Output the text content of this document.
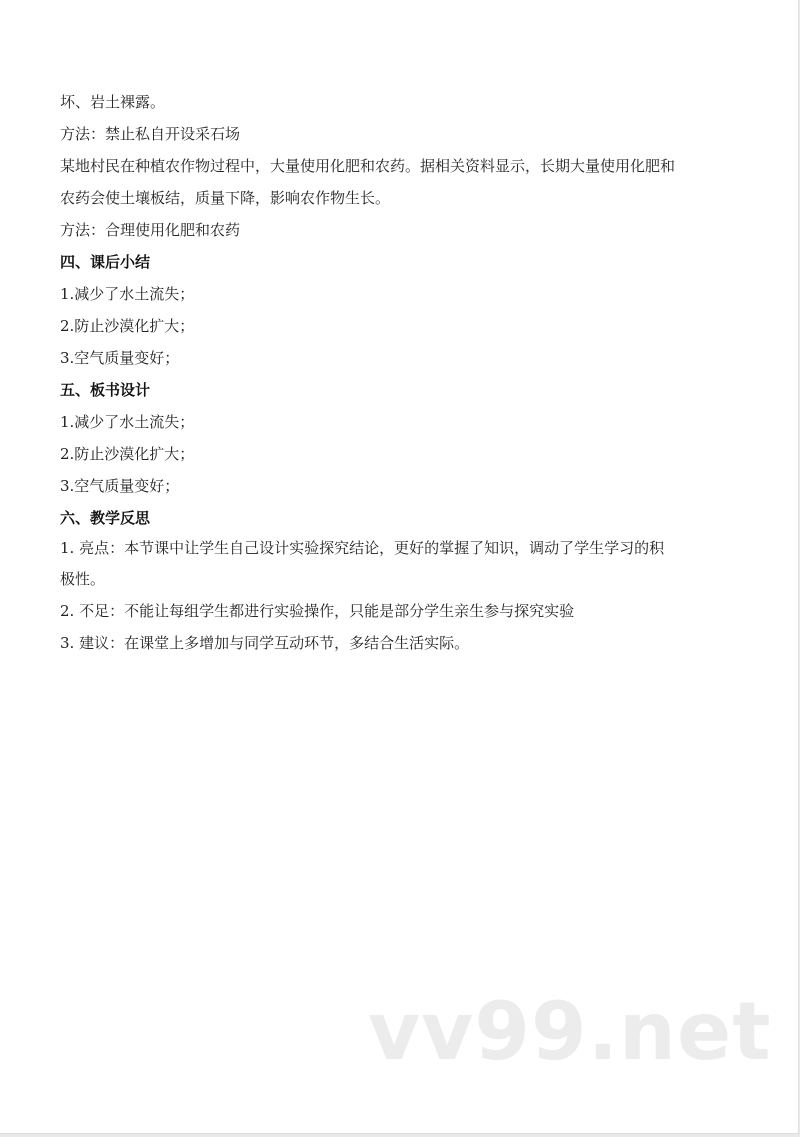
坏、岩土裸露。

方法：禁止私自开设采石场

某地村民在种植农作物过程中，大量使用化肥和农药。据相关资料显示，长期大量使用化肥和

农药会使土壤板结，质量下降，影响农作物生长。

方法：合理使用化肥和农药

四、课后小结

1.减少了水土流失；

2.防止沙漠化扩大；

3.空气质量变好；

五、板书设计

1.减少了水土流失；

2.防止沙漠化扩大；

3.空气质量变好；

六、教学反思

1. 亮点：本节课中让学生自己设计实验探究结论，更好的掌握了知识，调动了学生学习的积

极性。

2. 不足：不能让每组学生都进行实验操作，只能是部分学生亲生参与探究实验

3. 建议：在课堂上多增加与同学互动环节，多结合生活实际。

vv99.net
